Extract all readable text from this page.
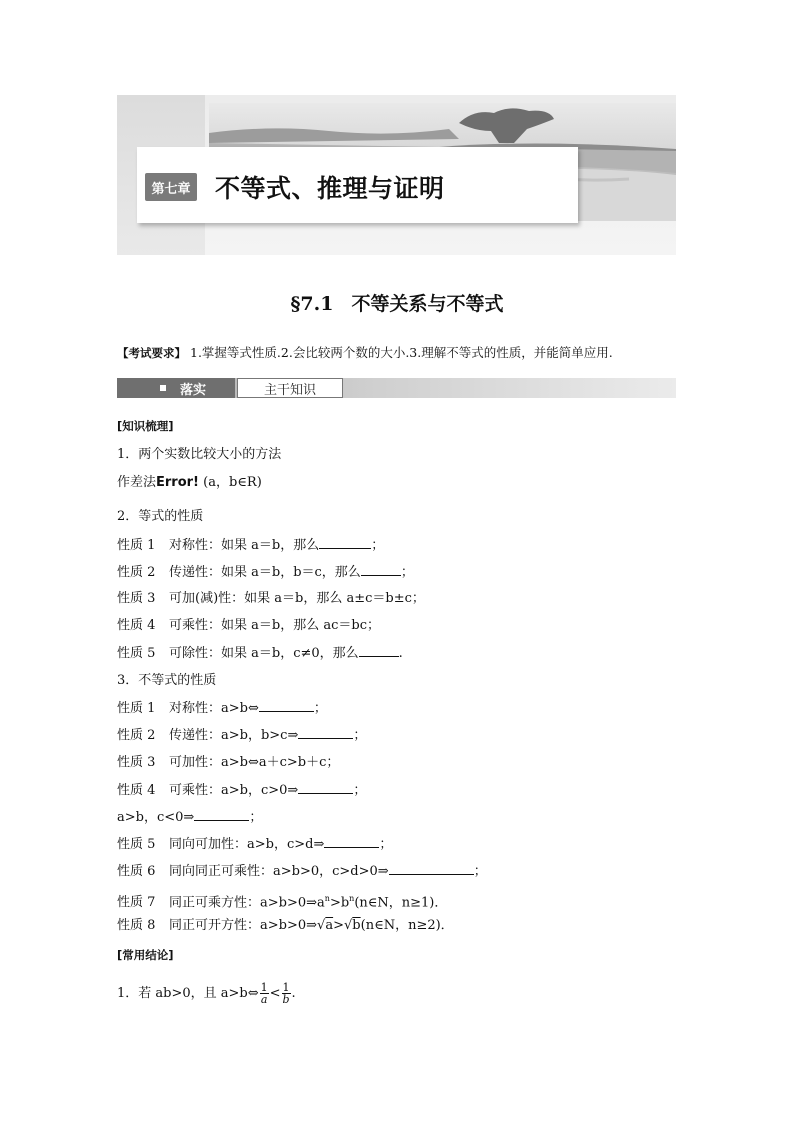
第七章 不等式、推理与证明
§7.1 不等关系与不等式
【考试要求】 1.掌握等式性质.2.会比较两个数的大小.3.理解不等式的性质，并能简单应用.
落实	主干知识
[知识梳理]
1．两个实数比较大小的方法
作差法Error! (a，b∈R)
2．等式的性质
性质 1 对称性：如果 a＝b，那么	；
性质 2 传递性：如果 a＝b，b＝c，那么	；
性质 3 可加(减)性：如果 a＝b，那么 a±c＝b±c；
性质 4 可乘性：如果 a＝b，那么 ac＝bc；
性质 5 可除性：如果 a＝b，c≠0，那么	.
3．不等式的性质
性质 1 对称性：a>b⇔	；
性质 2 传递性：a>b，b>c⇒	；
性质 3 可加性：a>b⇔a＋c>b＋c；
性质 4 可乘性：a>b，c>0⇒	；
a>b，c<0⇒	；
性质 5 同向可加性：a>b，c>d⇒	；
性质 6 同向同正可乘性：a>b>0，c>d>0⇒	；
性质 7 同正可乘方性：$a>b>0\Rightarrow a^n>b^n(n\in N$，n≥1)．
性质 8 同正可开方性：a>b>0⇒√a>√b(n∈N，n≥2)．
[常用结论]
1．若 ab>0，且 a>b⇔ $\frac{1}{a} < \frac{1}{b}$ .
